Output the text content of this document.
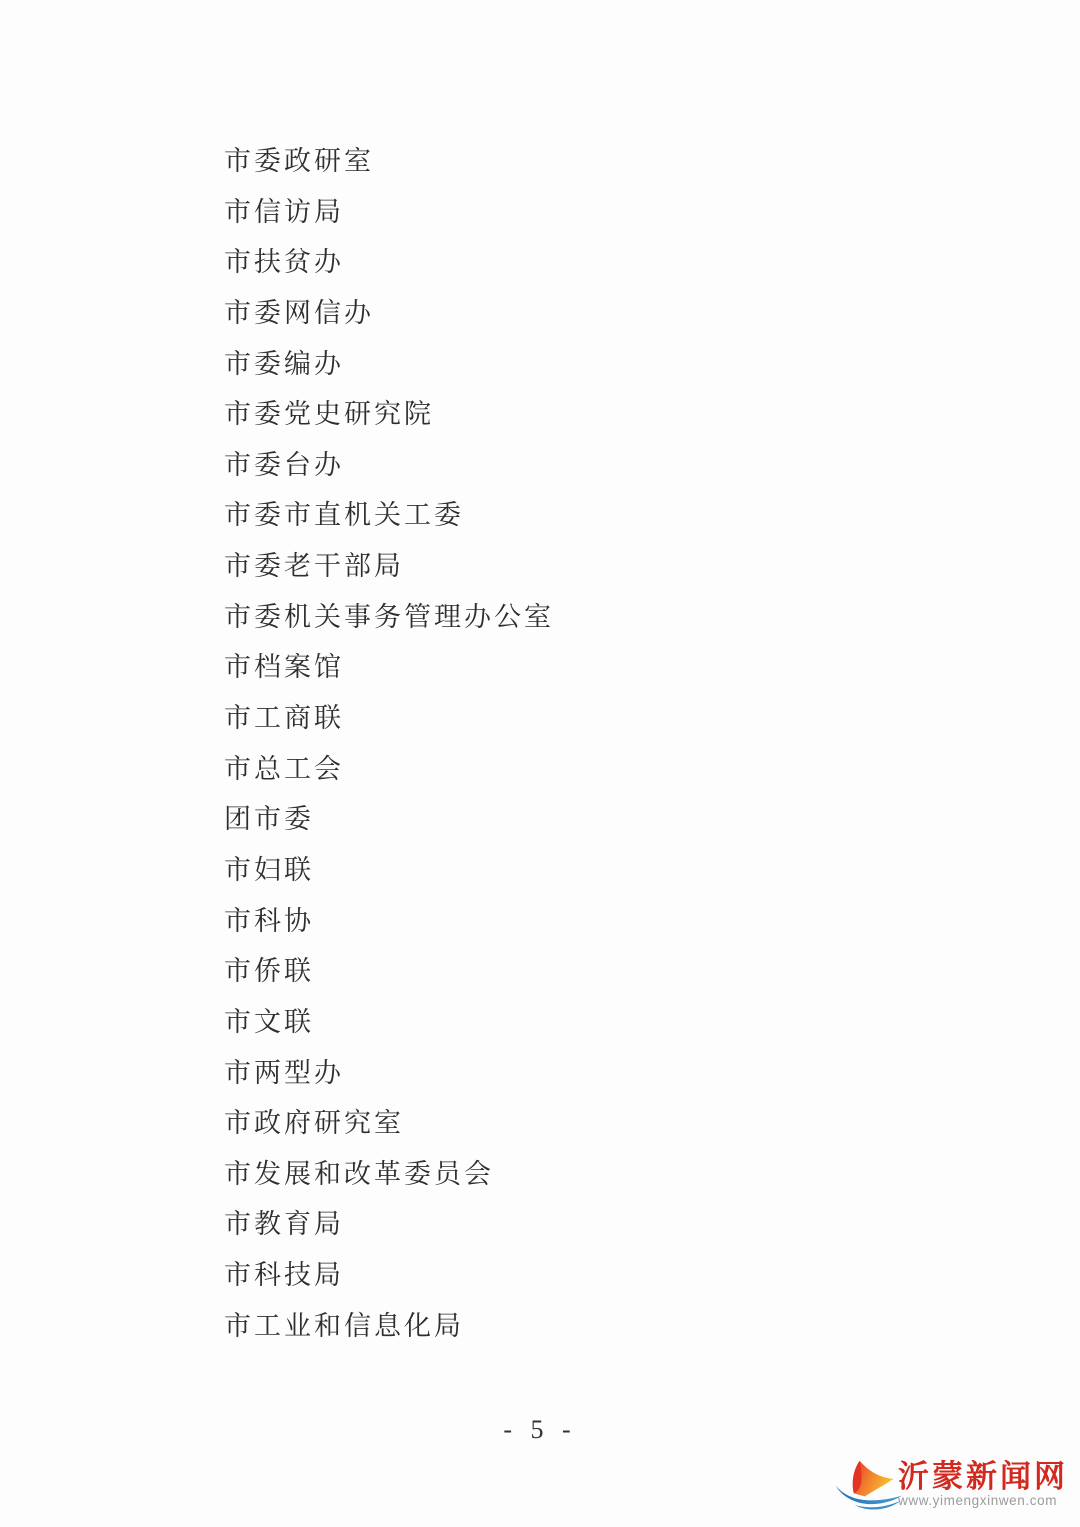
市委政研室
市信访局
市扶贫办
市委网信办
市委编办
市委党史研究院
市委台办
市委市直机关工委
市委老干部局
市委机关事务管理办公室
市档案馆
市工商联
市总工会
团市委
市妇联
市科协
市侨联
市文联
市两型办
市政府研究室
市发展和改革委员会
市教育局
市科技局
市工业和信息化局
- 5 -
沂蒙新闻网
www.yimengxinwen.com
